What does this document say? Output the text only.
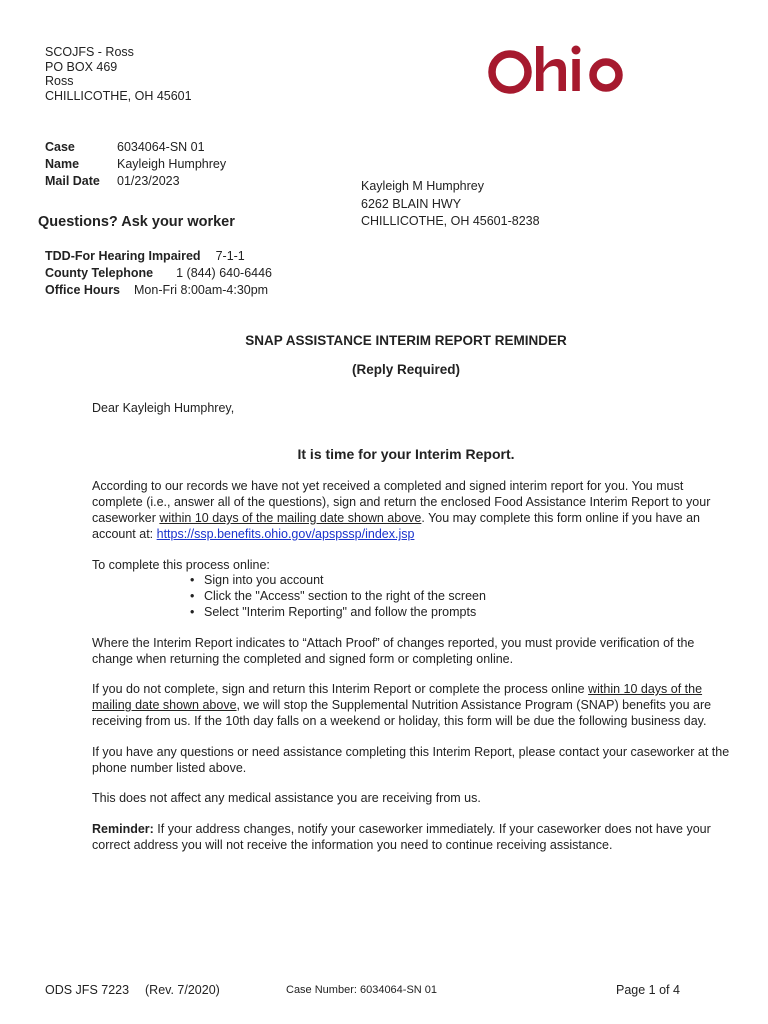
SCOJFS - Ross
PO BOX 469
Ross
CHILLICOTHE, OH 45601
Case	6034064-SN 01
Name	Kayleigh Humphrey
Mail Date	01/23/2023	Kayleigh M Humphrey
6262 BLAIN HWY
CHILLICOTHE, OH 45601-8238
Questions? Ask your worker
TDD-For Hearing Impaired 7-1-1
County Telephone 1 (844) 640-6446
Office Hours Mon-Fri 8:00am-4:30pm
SNAP ASSISTANCE INTERIM REPORT REMINDER
(Reply Required)
Dear Kayleigh Humphrey,
It is time for your Interim Report.

According to our records we have not yet received a completed and signed interim report for you. You must complete (i.e., answer all of the questions), sign and return the enclosed Food Assistance Interim Report to your caseworker within 10 days of the mailing date shown above. You may complete this form online if you have an account at: https://ssp.benefits.ohio.gov/apspssp/index.jsp

To complete this process online:
• Sign into you account
• Click the "Access" section to the right of the screen
• Select "Interim Reporting" and follow the prompts
Where the Interim Report indicates to “Attach Proof” of changes reported, you must provide verification of the change when returning the completed and signed form or completing online.

If you do not complete, sign and return this Interim Report or complete the process online within 10 days of the mailing date shown above, we will stop the Supplemental Nutrition Assistance Program (SNAP) benefits you are receiving from us. If the 10th day falls on a weekend or holiday, this form will be due the following business day.

If you have any questions or need assistance completing this Interim Report, please contact your caseworker at the phone number listed above.
This does not affect any medical assistance you are receiving from us.

Reminder: If your address changes, notify your caseworker immediately. If your caseworker does not have your correct address you will not receive the information you need to continue receiving assistance.

ODS JFS 7223 (Rev. 7/2020)	Case Number: 6034064-SN 01	Page 1 of 4
